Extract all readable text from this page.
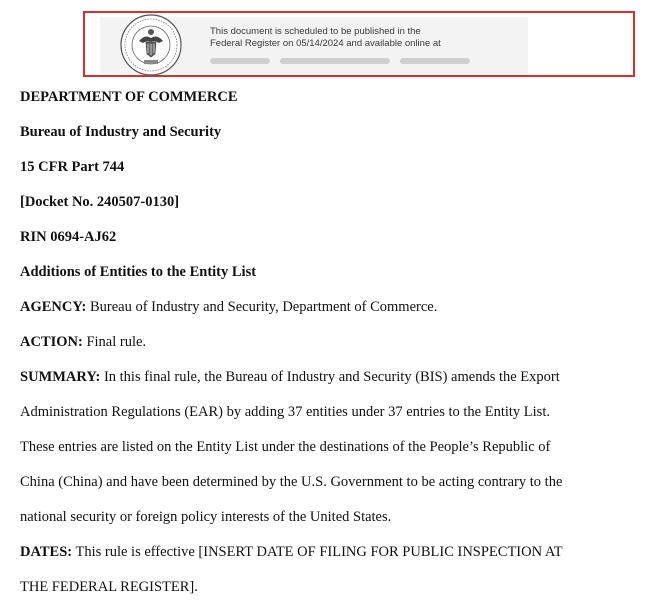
This document is scheduled to be published in the
Federal Register on 05/14/2024 and available online at
DEPARTMENT OF COMMERCE
Bureau of Industry and Security
15 CFR Part 744
[Docket No. 240507-0130]
RIN 0694-AJ62
Additions of Entities to the Entity List
AGENCY: Bureau of Industry and Security, Department of Commerce.
ACTION: Final rule.
SUMMARY: In this final rule, the Bureau of Industry and Security (BIS) amends the Export
Administration Regulations (EAR) by adding 37 entities under 37 entries to the Entity List.
These entries are listed on the Entity List under the destinations of the People’s Republic of
China (China) and have been determined by the U.S. Government to be acting contrary to the
national security or foreign policy interests of the United States.
DATES: This rule is effective [INSERT DATE OF FILING FOR PUBLIC INSPECTION AT
THE FEDERAL REGISTER].
